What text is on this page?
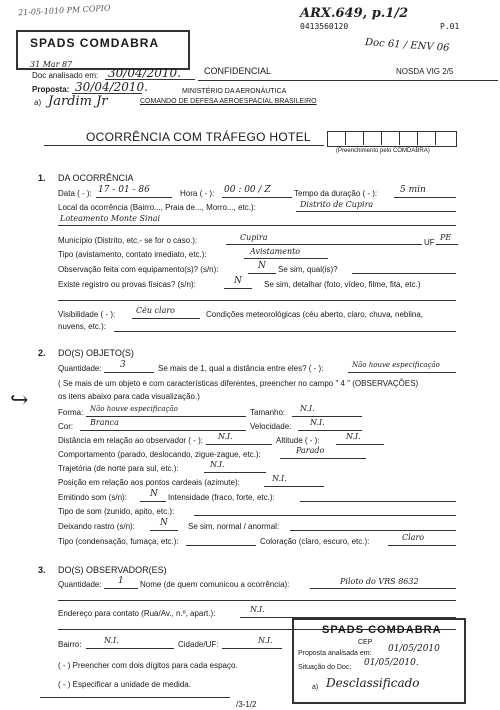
21-05-1010 PM COPIO	ARX.649, p.1/2
0413560120	P.01
Doc 61 / ENV 06
SPADS COMDABRA
31 Mar 87
Doc analisado em: 30/04/2010.
Proposta: 30/04/2010.
a) Jardim Jr
CONFIDENCIAL	NOSDA VIG 2/5
MINISTÉRIO DA AERONÁUTICA
COMANDO DE DEFESA AEROESPACIAL BRASILEIRO
OCORRÊNCIA COM TRÁFEGO HOTEL
(Preenchimento pelo COMDABRA)
1. DA OCORRÊNCIA
Data ( - ): 17 - 01 - 86	Hora ( - ): 00 : 00 / Z	Tempo da duração ( - ):	5 min
Local da ocorrência (Bairro..., Praia de..., Morro..., etc.):	Distrito de Cupira
Loteamento Monte Sinai
Município (Distrito, etc.- se for o caso.):	Cupira
UF
PE
Tipo (avistamento, contato imediato, etc.):	Avistamento
Observação feita com equipamento(s)? (s/n):	N Se sim, qual(is)?
Existe registro ou provas físicas? (s/n):	N	Se sim, detalhar (foto, vídeo, filme, fita, etc.)
Visibilidade ( - ):	Céu claro	Condições meteorológicas (céu aberto, claro, chuva, neblina,
nuvens, etc.):
2. DO(S) OBJETO(S)
Quantidade: 3	Se mais de 1, qual a distância entre eles? ( - ):	Não houve especificação
( Se mais de um objeto e com características diferentes, preencher no campo " 4 " (OBSERVAÇÕES)
os itens abaixo para cada visualização.)
Forma: Não houve especificação	Tamanho: N.I.
Cor: Branca	Velocidade: N.I.
Distância em relação ao observador ( - ): N.I.	Altitude ( - ):	N.I.
Comportamento (parado, deslocando, zigue-zague, etc.):	Parado
Trajetória (de norte para sul, etc.):	N.I.
Posição em relação aos pontos cardeais (azimute):	N.I.
Emitindo som (s/n):	N Intensidade (fraco, forte, etc.):
Tipo de som (zunido, apito, etc.):
Deixando rastro (s/n):	N	Se sim, normal / anormal:
Tipo (condensação, fumaça, etc.):	Coloração (claro, escuro, etc.):	Claro
3. DO(S) OBSERVADOR(ES)
Quantidade: 1 Nome (de quem comunicou a ocorrência):	Piloto do VRS 8632
Endereço para contato (Rua/Av., n.º, apart.):	N.I.
Bairro:	N.I.	Cidade/UF:	N.I.
( - ) Preencher com dois dígitos para cada espaço.
( - ) Especificar a unidade de medida.
SPADS COMDABRA
CEP
Proposta analisada em: 01/05/2010
Situação do Doc: 01/05/2010.
a) Desclassificado
/3-1/2
↪
